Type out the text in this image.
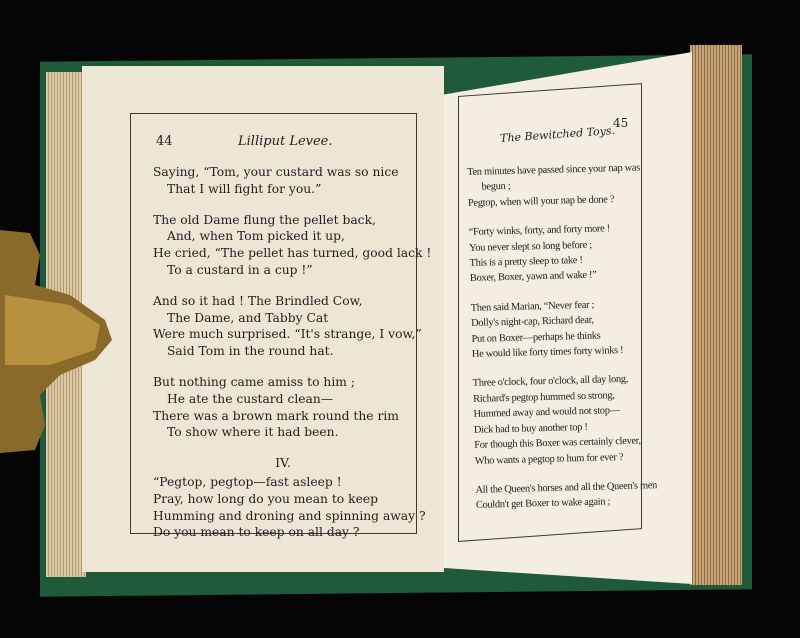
44	Lilliput Levee.
Saying, “Tom, your custard was so nice
That I will fight for you.”
The old Dame flung the pellet back,
And, when Tom picked it up,
He cried, “The pellet has turned, good lack !
To a custard in a cup !”
And so it had ! The Brindled Cow,
The Dame, and Tabby Cat
Were much surprised. “It's strange, I vow,”
Said Tom in the round hat.
But nothing came amiss to him ;
He ate the custard clean—
There was a brown mark round the rim
To show where it had been.
IV.
“Pegtop, pegtop—fast asleep !
Pray, how long do you mean to keep
Humming and droning and spinning away ?
Do you mean to keep on all day ?
The Bewitched Toys.
45
Ten minutes have passed since your nap was
begun ;
Pegtop, when will your nap be done ?
“Forty winks, forty, and forty more !
You never slept so long before ;
This is a pretty sleep to take !
Boxer, Boxer, yawn and wake !”
Then said Marian, “Never fear ;
Dolly's night-cap, Richard dear,
Put on Boxer—perhaps he thinks
He would like forty times forty winks !
Three o'clock, four o'clock, all day long,
Richard's pegtop hummed so strong,
Hummed away and would not stop—
Dick had to buy another top !
For though this Boxer was certainly clever,
Who wants a pegtop to hum for ever ?
All the Queen's horses and all the Queen's men
Couldn't get Boxer to wake again ;
